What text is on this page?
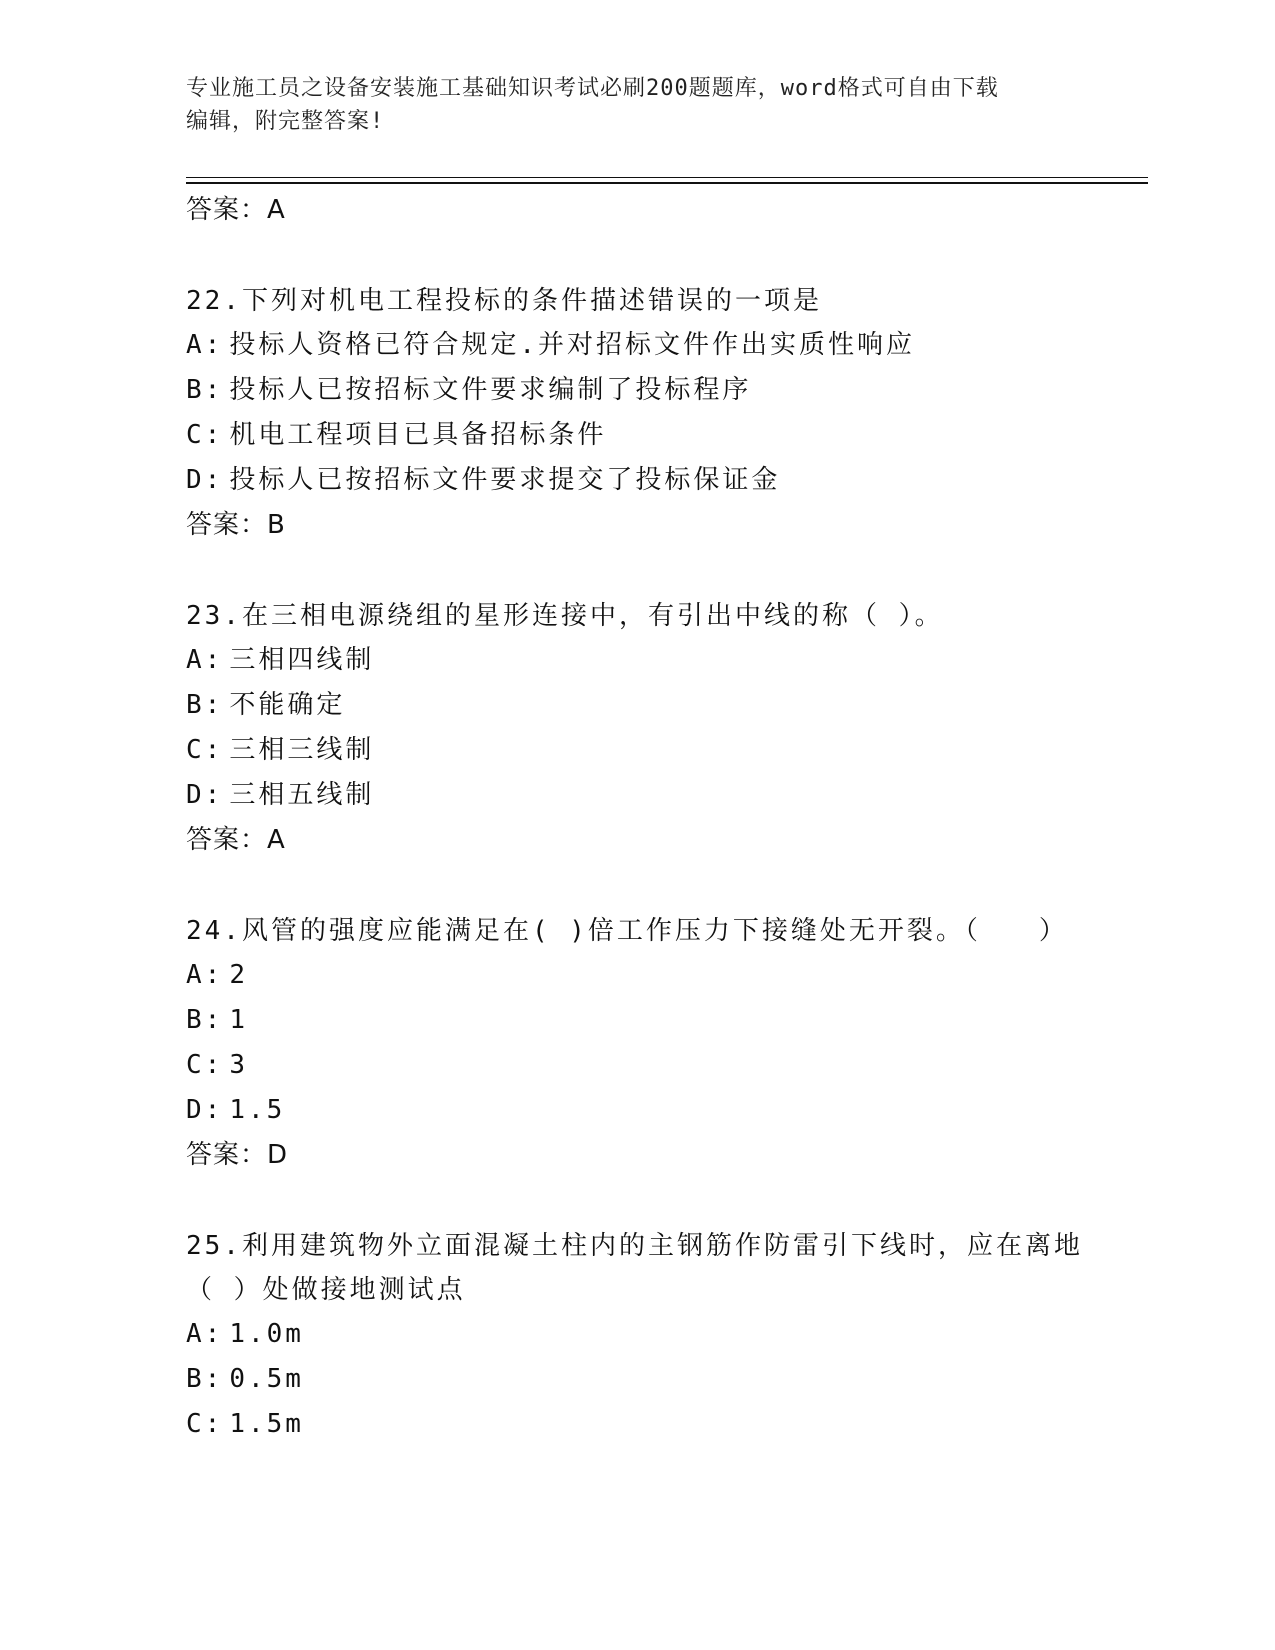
专业施工员之设备安装施工基础知识考试必刷200题题库，word格式可自由下载
编辑，附完整答案!
答案：A
22.下列对机电工程投标的条件描述错误的一项是
A: 投标人资格已符合规定.并对招标文件作出实质性响应
B: 投标人已按招标文件要求编制了投标程序
C: 机电工程项目已具备招标条件
D: 投标人已按招标文件要求提交了投标保证金
答案：B
23.在三相电源绕组的星形连接中，有引出中线的称（ ）。
A: 三相四线制
B: 不能确定
C: 三相三线制
D: 三相五线制
答案：A
24.风管的强度应能满足在( )倍工作压力下接缝处无开裂。（　　）
A: 2
B: 1
C: 3
D: 1.5
答案：D
25.利用建筑物外立面混凝土柱内的主钢筋作防雷引下线时，应在离地（ ）处做接地测试点
A: 1.0m
B: 0.5m
C: 1.5m
